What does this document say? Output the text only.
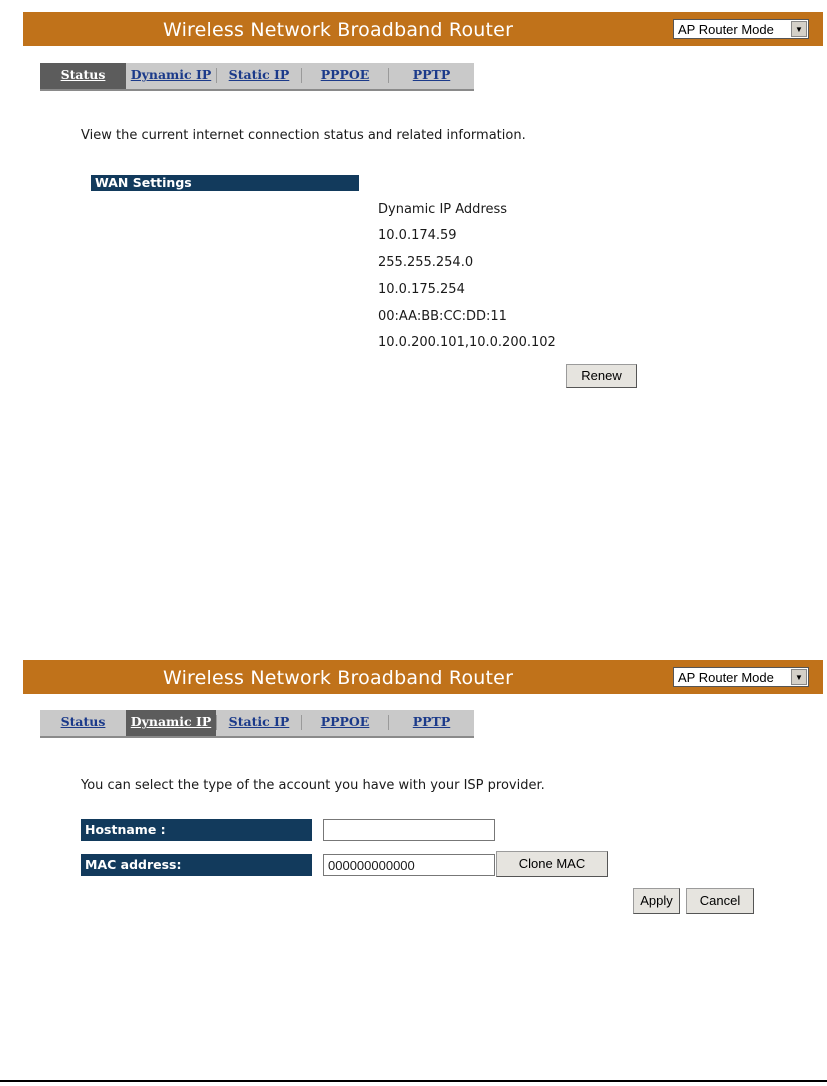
Wireless Network Broadband Router	AP Router Mode	▼
Status	Dynamic IP	Static IP	PPPOE	PPTP
View the current internet connection status and related information.
WAN Settings
Dynamic IP Address
10.0.174.59
255.255.254.0
10.0.175.254
00:AA:BB:CC:DD:11
10.0.200.101,10.0.200.102
Renew
Wireless Network Broadband Router	AP Router Mode	▼
Status	Dynamic IP	Static IP	PPPOE	PPTP
You can select the type of the account you have with your ISP provider.
Hostname :
MAC address:	000000000000	Clone MAC
Apply	Cancel
